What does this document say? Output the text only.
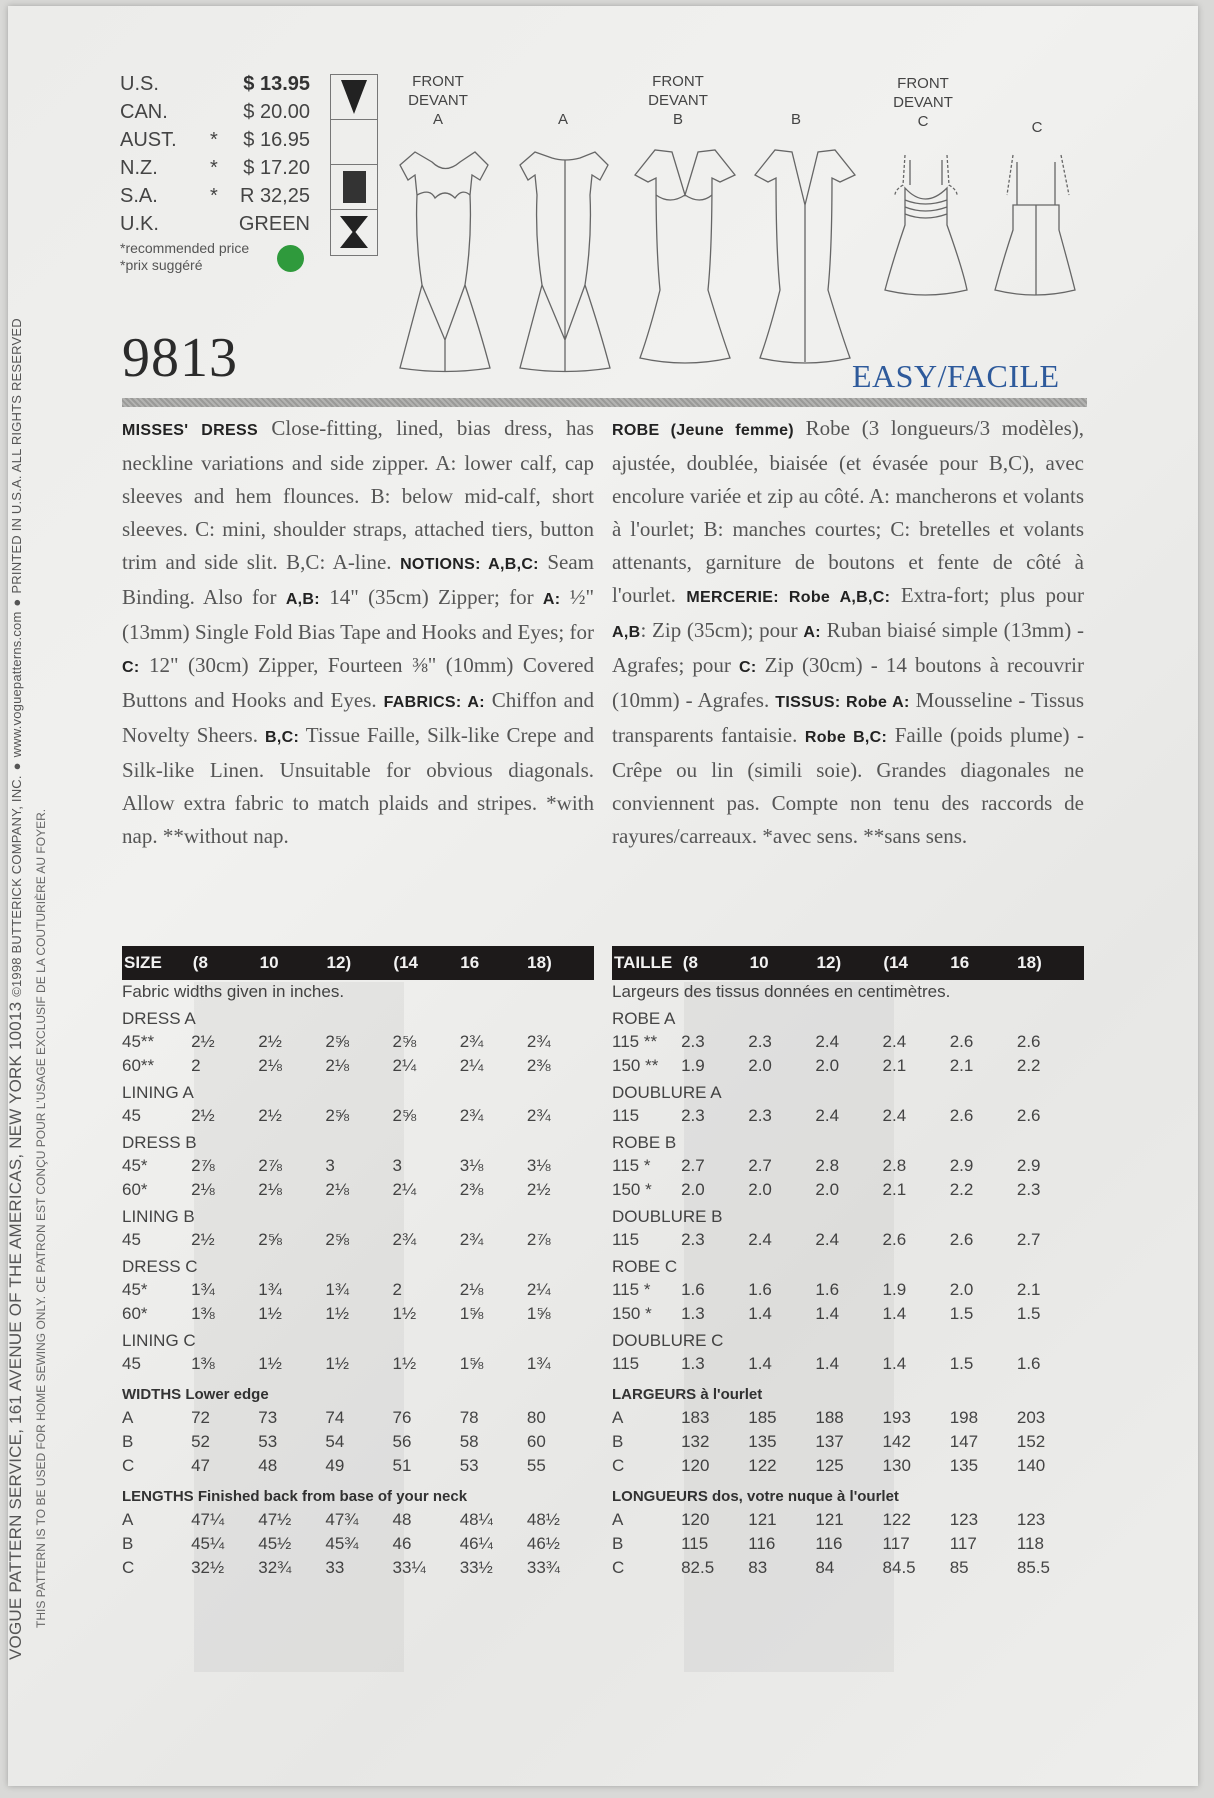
VOGUE PATTERN SERVICE, 161 AVENUE OF THE AMERICAS, NEW YORK 10013 ©1998 BUTTERICK COMPANY, INC. ● www.voguepatterns.com ● PRINTED IN U.S.A. ALL RIGHTS RESERVED
THIS PATTERN IS TO BE USED FOR HOME SEWING ONLY. CE PATRON EST CONÇU POUR L'USAGE EXCLUSIF DE LA COUTURIÈRE AU FOYER.
U.S.	$ 13.95
CAN.	$ 20.00
AUST.	*	$ 16.95
N.Z.	*	$ 17.20
S.A.	*	R 32,25
U.K.	GREEN
*recommended price
*prix suggéré
FRONT
DEVANT
A	A
FRONT
DEVANT
B	B
FRONT
DEVANT
C	C
9813	EASY/FACILE
MISSES' DRESS Close-fitting, lined, bias dress, has neckline variations and side zipper. A: lower calf, cap sleeves and hem flounces. B: below mid-calf, short sleeves. C: mini, shoulder straps, attached tiers, button trim and side slit. B,C: A-line. NOTIONS: A,B,C: Seam Binding. Also for A,B: 14" (35cm) Zipper; for A: ½" (13mm) Single Fold Bias Tape and Hooks and Eyes; for C: 12" (30cm) Zipper, Fourteen ⅜" (10mm) Covered Buttons and Hooks and Eyes. FABRICS: A: Chiffon and Novelty Sheers. B,C: Tissue Faille, Silk-like Crepe and Silk-like Linen. Unsuitable for obvious diagonals. Allow extra fabric to match plaids and stripes. *with nap. **without nap.
ROBE (Jeune femme) Robe (3 longueurs/3 modèles), ajustée, doublée, biaisée (et évasée pour B,C), avec encolure variée et zip au côté. A: mancherons et volants à l'ourlet; B: manches courtes; C: bretelles et volants attenants, garniture de boutons et fente de côté à l'ourlet. MERCERIE: Robe A,B,C: Extra-fort; plus pour A,B: Zip (35cm); pour A: Ruban biaisé simple (13mm) - Agrafes; pour C: Zip (30cm) - 14 boutons à recouvrir (10mm) - Agrafes. TISSUS: Robe A: Mousseline - Tissus transparents fantaisie. Robe B,C: Faille (poids plume) - Crêpe ou lin (simili soie). Grandes diagonales ne conviennent pas. Compte non tenu des raccords de rayures/carreaux. *avec sens. **sans sens.
SIZE	(8	10	12)	(14	16	18)
Fabric widths given in inches.
DRESS A
45**	2½	2½	2⅝	2⅝	2¾	2¾
60**	2	2⅛	2⅛	2¼	2¼	2⅜
LINING A
45	2½	2½	2⅝	2⅝	2¾	2¾
DRESS B
45*	2⅞	2⅞	3	3	3⅛	3⅛
60*	2⅛	2⅛	2⅛	2¼	2⅜	2½
LINING B
45	2½	2⅝	2⅝	2¾	2¾	2⅞
DRESS C
45*	1¾	1¾	1¾	2	2⅛	2¼
60*	1⅜	1½	1½	1½	1⅝	1⅝
LINING C
45	1⅜	1½	1½	1½	1⅝	1¾
WIDTHS Lower edge
A	72	73	74	76	78	80
B	52	53	54	56	58	60
C	47	48	49	51	53	55
LENGTHS Finished back from base of your neck
A	47¼	47½	47¾	48	48¼	48½
B	45¼	45½	45¾	46	46¼	46½
C	32½	32¾	33	33¼	33½	33¾
TAILLE (8	10	12)	(14	16	18)
Largeurs des tissus données en centimètres.
ROBE A
115 **	2.3	2.3	2.4	2.4	2.6	2.6
150 **	1.9	2.0	2.0	2.1	2.1	2.2
DOUBLURE A
115	2.3	2.3	2.4	2.4	2.6	2.6
ROBE B
115 *	2.7	2.7	2.8	2.8	2.9	2.9
150 *	2.0	2.0	2.0	2.1	2.2	2.3
DOUBLURE B
115	2.3	2.4	2.4	2.6	2.6	2.7
ROBE C
115 *	1.6	1.6	1.6	1.9	2.0	2.1
150 *	1.3	1.4	1.4	1.4	1.5	1.5
DOUBLURE C
115	1.3	1.4	1.4	1.4	1.5	1.6
LARGEURS à l'ourlet
A	183	185	188	193	198	203
B	132	135	137	142	147	152
C	120	122	125	130	135	140
LONGUEURS dos, votre nuque à l'ourlet
A	120	121	121	122	123	123
B	115	116	116	117	117	118
C	82.5	83	84	84.5	85	85.5
